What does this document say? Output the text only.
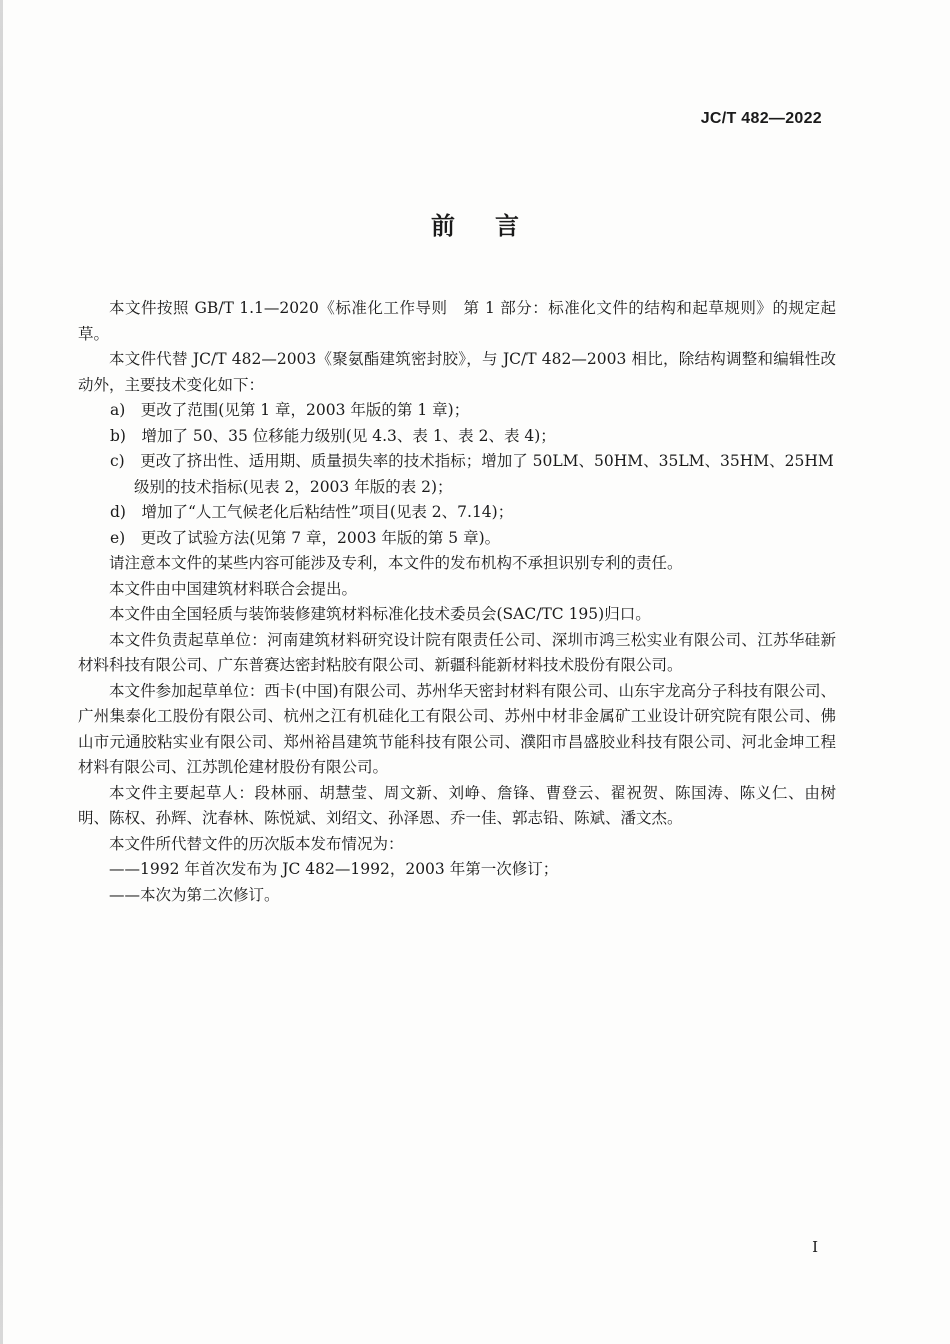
JC/T 482—2022
前言

本文件按照 GB/T 1.1—2020《标准化工作导则　第 1 部分：标准化文件的结构和起草规则》的规定起草。

本文件代替 JC/T 482—2003《聚氨酯建筑密封胶》，与 JC/T 482—2003 相比，除结构调整和编辑性改动外，主要技术变化如下：

a)　更改了范围(见第 1 章，2003 年版的第 1 章)；

b)　增加了 50、35 位移能力级别(见 4.3、表 1、表 2、表 4)；

c)　更改了挤出性、适用期、质量损失率的技术指标；增加了 50LM、50HM、35LM、35HM、25HM 级别的技术指标(见表 2，2003 年版的表 2)；

d)　增加了“人工气候老化后粘结性”项目(见表 2、7.14)；

e)　更改了试验方法(见第 7 章，2003 年版的第 5 章)。

请注意本文件的某些内容可能涉及专利，本文件的发布机构不承担识别专利的责任。

本文件由中国建筑材料联合会提出。

本文件由全国轻质与装饰装修建筑材料标准化技术委员会(SAC/TC 195)归口。

本文件负责起草单位：河南建筑材料研究设计院有限责任公司、深圳市鸿三松实业有限公司、江苏华硅新材料科技有限公司、广东普赛达密封粘胶有限公司、新疆科能新材料技术股份有限公司。

本文件参加起草单位：西卡(中国)有限公司、苏州华天密封材料有限公司、山东宇龙高分子科技有限公司、广州集泰化工股份有限公司、杭州之江有机硅化工有限公司、苏州中材非金属矿工业设计研究院有限公司、佛山市元通胶粘实业有限公司、郑州裕昌建筑节能科技有限公司、濮阳市昌盛胶业科技有限公司、河北金坤工程材料有限公司、江苏凯伦建材股份有限公司。

本文件主要起草人：段林丽、胡慧莹、周文新、刘峥、詹锋、曹登云、翟祝贺、陈国涛、陈义仁、由树明、陈权、孙辉、沈春林、陈悦斌、刘绍文、孙泽恩、乔一佳、郭志铅、陈斌、潘文杰。

本文件所代替文件的历次版本发布情况为：

——1992 年首次发布为 JC 482—1992，2003 年第一次修订；

——本次为第二次修订。

I
